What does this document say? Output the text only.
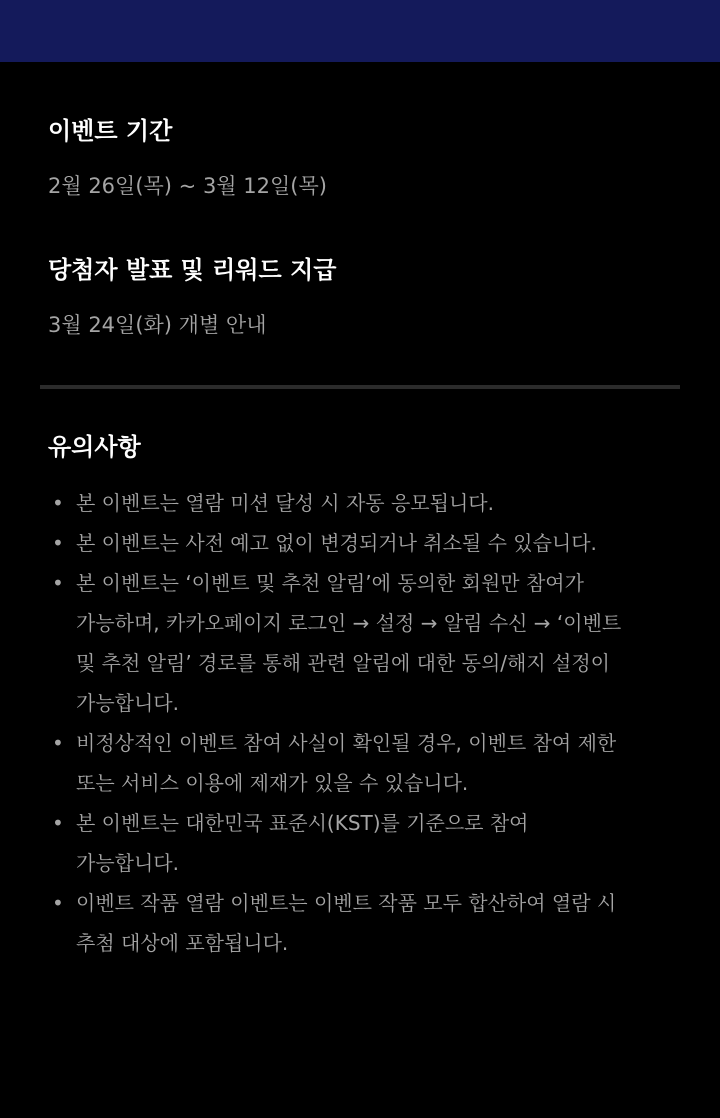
이벤트 기간

2월 26일(목) ~ 3월 12일(목)

당첨자 발표 및 리워드 지급

3월 24일(화) 개별 안내

유의사항
• 본 이벤트는 열람 미션 달성 시 자동 응모됩니다.
• 본 이벤트는 사전 예고 없이 변경되거나 취소될 수 있습니다.
• 본 이벤트는 ‘이벤트 및 추천 알림’에 동의한 회원만 참여가
가능하며, 카카오페이지 로그인 → 설정 → 알림 수신 → ‘이벤트
및 추천 알림’ 경로를 통해 관련 알림에 대한 동의/해지 설정이
가능합니다.
• 비정상적인 이벤트 참여 사실이 확인될 경우, 이벤트 참여 제한
또는 서비스 이용에 제재가 있을 수 있습니다.
• 본 이벤트는 대한민국 표준시(KST)를 기준으로 참여
가능합니다.
• 이벤트 작품 열람 이벤트는 이벤트 작품 모두 합산하여 열람 시
추첨 대상에 포함됩니다.
